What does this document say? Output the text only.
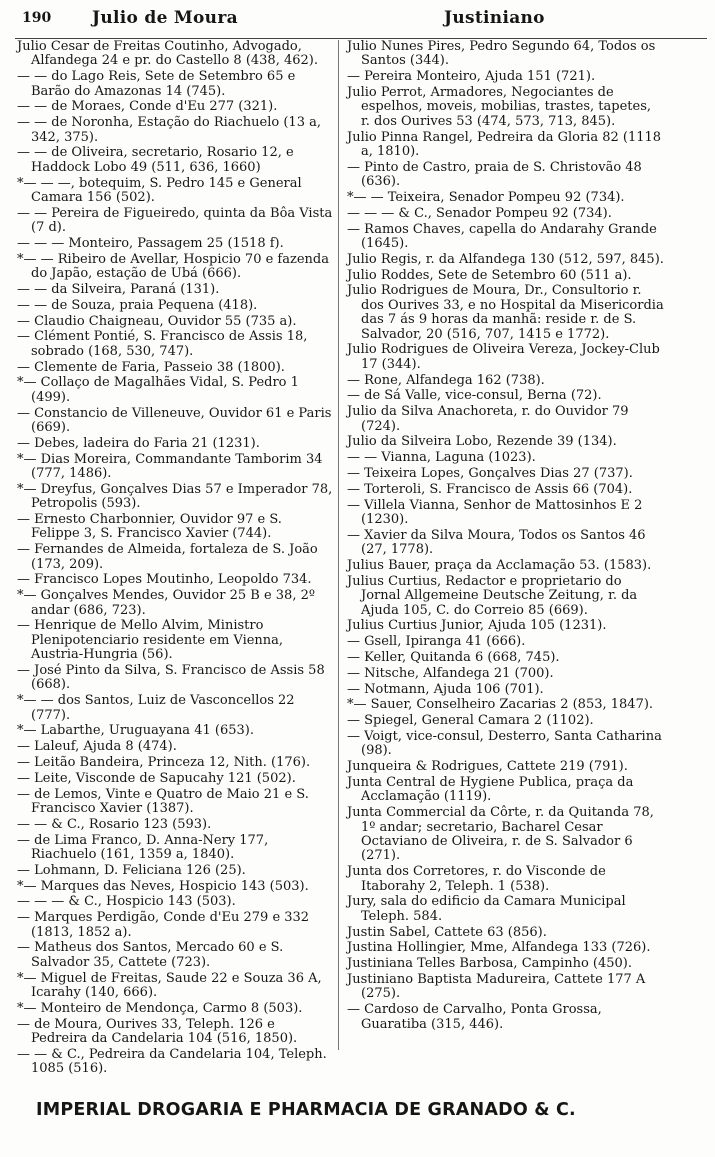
190 Julio de Moura	Justiniano
Julio Cesar de Freitas Coutinho, Advogado, Alfandega 24 e pr. do Castello 8 (438, 462).
— — do Lago Reis, Sete de Setembro 65 e Barão do Amazonas 14 (745).
— — de Moraes, Conde d'Eu 277 (321).
— — de Noronha, Estação do Riachuelo (13 a, 342, 375).
— — de Oliveira, secretario, Rosario 12, e Haddock Lobo 49 (511, 636, 1660)
*— — —, botequim, S. Pedro 145 e General Camara 156 (502).
— — Pereira de Figueiredo, quinta da Bôa Vista (7 d).
— — — Monteiro, Passagem 25 (1518 f).
*— — Ribeiro de Avellar, Hospicio 70 e fazenda do Japão, estação de Ubá (666).
— — da Silveira, Paraná (131).
— — de Souza, praia Pequena (418).
— Claudio Chaigneau, Ouvidor 55 (735 a).
— Clément Pontié, S. Francisco de Assis 18, sobrado (168, 530, 747).
— Clemente de Faria, Passeio 38 (1800).
*— Collaço de Magalhães Vidal, S. Pedro 1 (499).
— Constancio de Villeneuve, Ouvidor 61 e Paris (669).
— Debes, ladeira do Faria 21 (1231).
*— Dias Moreira, Commandante Tamborim 34 (777, 1486).
*— Dreyfus, Gonçalves Dias 57 e Imperador 78, Petropolis (593).
— Ernesto Charbonnier, Ouvidor 97 e S. Felippe 3, S. Francisco Xavier (744).
— Fernandes de Almeida, fortaleza de S. João (173, 209).
— Francisco Lopes Moutinho, Leopoldo 734.
*— Gonçalves Mendes, Ouvidor 25 B e 38, 2º andar (686, 723).
— Henrique de Mello Alvim, Ministro Plenipotenciario residente em Vienna, Austria-Hungria (56).
— José Pinto da Silva, S. Francisco de Assis 58 (668).
*— — dos Santos, Luiz de Vasconcellos 22 (777).
*— Labarthe, Uruguayana 41 (653).
— Laleuf, Ajuda 8 (474).
— Leitão Bandeira, Princeza 12, Nith. (176).
— Leite, Visconde de Sapucahy 121 (502).
— de Lemos, Vinte e Quatro de Maio 21 e S. Francisco Xavier (1387).
— — & C., Rosario 123 (593).
— de Lima Franco, D. Anna-Nery 177, Riachuelo (161, 1359 a, 1840).
— Lohmann, D. Feliciana 126 (25).
*— Marques das Neves, Hospicio 143 (503).
— — — & C., Hospicio 143 (503).
— Marques Perdigão, Conde d'Eu 279 e 332 (1813, 1852 a).
— Matheus dos Santos, Mercado 60 e S. Salvador 35, Cattete (723).
*— Miguel de Freitas, Saude 22 e Souza 36 A, Icarahy (140, 666).
*— Monteiro de Mendonça, Carmo 8 (503).
— de Moura, Ourives 33, Teleph. 126 e Pedreira da Candelaria 104 (516, 1850).
— — & C., Pedreira da Candelaria 104, Teleph. 1085 (516).
Julio Nunes Pires, Pedro Segundo 64, Todos os Santos (344).
— Pereira Monteiro, Ajuda 151 (721).
Julio Perrot, Armadores, Negociantes de espelhos, moveis, mobilias, trastes, tapetes, r. dos Ourives 53 (474, 573, 713, 845).
Julio Pinna Rangel, Pedreira da Gloria 82 (1118 a, 1810).
— Pinto de Castro, praia de S. Christovão 48 (636).
*— — Teixeira, Senador Pompeu 92 (734).
— — — & C., Senador Pompeu 92 (734).
— Ramos Chaves, capella do Andarahy Grande (1645).
Julio Regis, r. da Alfandega 130 (512, 597, 845).
Julio Roddes, Sete de Setembro 60 (511 a).
Julio Rodrigues de Moura, Dr., Consultorio r. dos Ourives 33, e no Hospital da Misericordia das 7 ás 9 horas da manhã: reside r. de S. Salvador, 20 (516, 707, 1415 e 1772).
Julio Rodrigues de Oliveira Vereza, Jockey-Club 17 (344).
— Rone, Alfandega 162 (738).
— de Sá Valle, vice-consul, Berna (72).
Julio da Silva Anachoreta, r. do Ouvidor 79 (724).
Julio da Silveira Lobo, Rezende 39 (134).
— — Vianna, Laguna (1023).
— Teixeira Lopes, Gonçalves Dias 27 (737).
— Torteroli, S. Francisco de Assis 66 (704).
— Villela Vianna, Senhor de Mattosinhos E 2 (1230).
— Xavier da Silva Moura, Todos os Santos 46 (27, 1778).
Julius Bauer, praça da Acclamação 53. (1583).
Julius Curtius, Redactor e proprietario do Jornal Allgemeine Deutsche Zeitung, r. da Ajuda 105, C. do Correio 85 (669).
Julius Curtius Junior, Ajuda 105 (1231).
— Gsell, Ipiranga 41 (666).
— Keller, Quitanda 6 (668, 745).
— Nitsche, Alfandega 21 (700).
— Notmann, Ajuda 106 (701).
*— Sauer, Conselheiro Zacarias 2 (853, 1847).
— Spiegel, General Camara 2 (1102).
— Voigt, vice-consul, Desterro, Santa Catharina (98).
Junqueira & Rodrigues, Cattete 219 (791).
Junta Central de Hygiene Publica, praça da Acclamação (1119).
Junta Commercial da Côrte, r. da Quitanda 78, 1º andar; secretario, Bacharel Cesar Octaviano de Oliveira, r. de S. Salvador 6 (271).
Junta dos Corretores, r. do Visconde de Itaborahy 2, Teleph. 1 (538).
Jury, sala do edificio da Camara Municipal Teleph. 584.
Justin Sabel, Cattete 63 (856).
Justina Hollingier, Mme, Alfandega 133 (726).
Justiniana Telles Barbosa, Campinho (450).
Justiniano Baptista Madureira, Cattete 177 A (275).
— Cardoso de Carvalho, Ponta Grossa, Guaratiba (315, 446).
IMPERIAL DROGARIA E PHARMACIA DE GRANADO & C.
